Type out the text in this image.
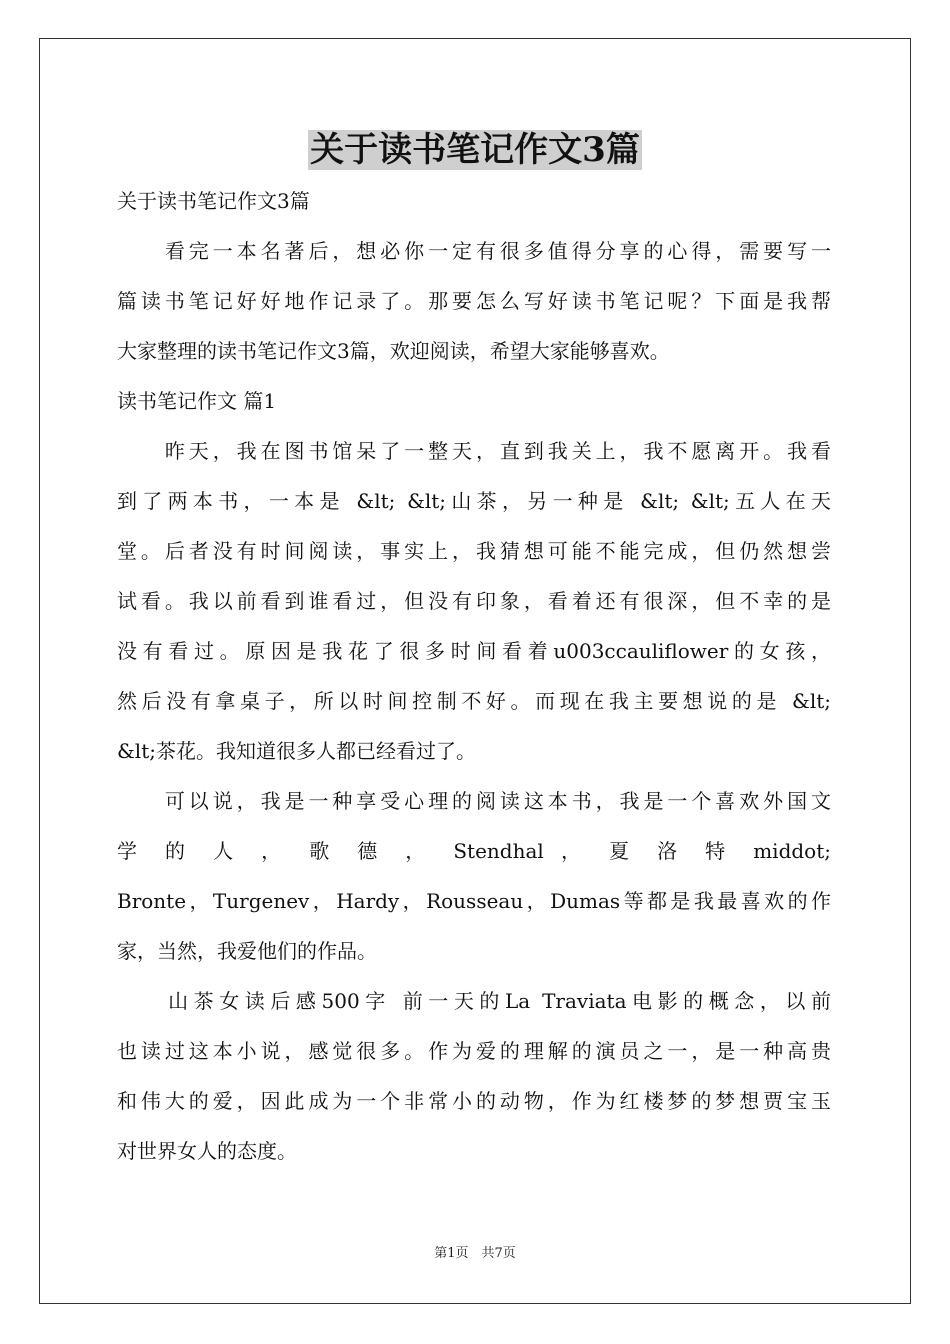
关于读书笔记作文3篇
关于读书笔记作文3篇
　　看完一本名著后，想必你一定有很多值得分享的心得，需要写一
篇读书笔记好好地作记录了。那要怎么写好读书笔记呢？下面是我帮
大家整理的读书笔记作文3篇，欢迎阅读，希望大家能够喜欢。
读书笔记作文 篇1
　　昨天，我在图书馆呆了一整天，直到我关上，我不愿离开。我看
到了两本书，一本是 &lt; &lt;山茶，另一种是 &lt; &lt;五人在天
堂。后者没有时间阅读，事实上，我猜想可能不能完成，但仍然想尝
试看。我以前看到谁看过，但没有印象，看着还有很深，但不幸的是
没有看过。原因是我花了很多时间看着u003ccauliflower的女孩，
然后没有拿桌子，所以时间控制不好。而现在我主要想说的是 &lt;
&lt;茶花。我知道很多人都已经看过了。
　　可以说，我是一种享受心理的阅读这本书，我是一个喜欢外国文
学 的 人 ， 歌 德 ， Stendhal ， 夏 洛 特 middot;
Bronte，Turgenev，Hardy，Rousseau，Dumas等都是我最喜欢的作
家，当然，我爱他们的作品。
　　山茶女读后感500字 前一天的La Traviata电影的概念，以前
也读过这本小说，感觉很多。作为爱的理解的演员之一，是一种高贵
和伟大的爱，因此成为一个非常小的动物，作为红楼梦的梦想贾宝玉
对世界女人的态度。
第1页　共7页
